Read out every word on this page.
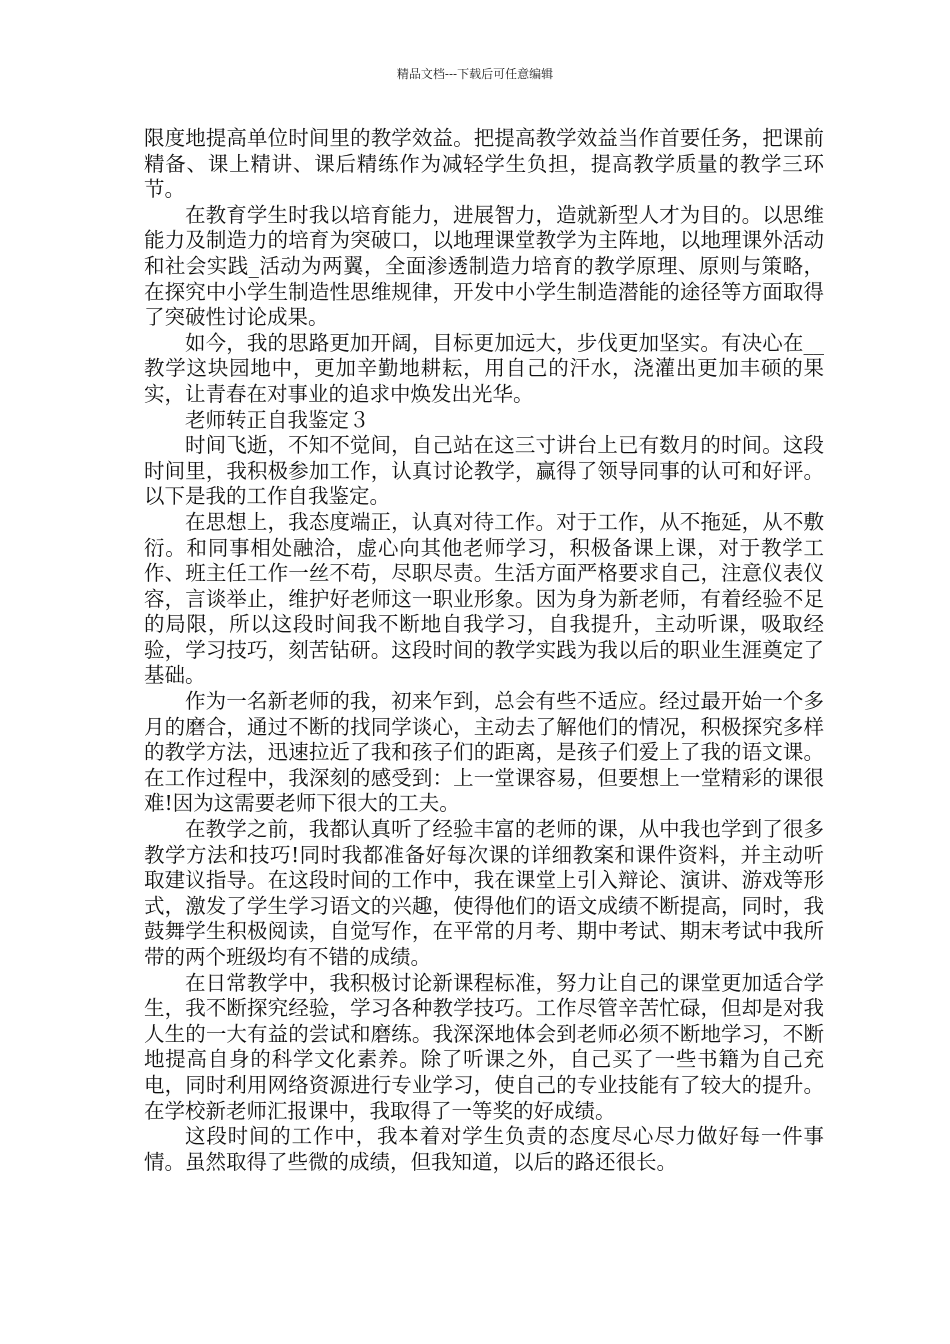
精品文档---下载后可任意编辑

限度地提高单位时间里的教学效益。把提高教学效益当作首要任务，把课前精备、课上精讲、课后精练作为减轻学生负担，提高教学质量的教学三环节。

在教育学生时我以培育能力，进展智力，造就新型人才为目的。以思维能力及制造力的培育为突破口，以地理课堂教学为主阵地，以地理课外活动和社会实践_活动为两翼，全面渗透制造力培育的教学原理、原则与策略，在探究中小学生制造性思维规律，开发中小学生制造潜能的途径等方面取得了突破性讨论成果。

如今，我的思路更加开阔，目标更加远大，步伐更加坚实。有决心在__教学这块园地中，更加辛勤地耕耘，用自己的汗水，浇灌出更加丰硕的果实，让青春在对事业的追求中焕发出光华。

老师转正自我鉴定３

时间飞逝，不知不觉间，自己站在这三寸讲台上已有数月的时间。这段时间里，我积极参加工作，认真讨论教学，赢得了领导同事的认可和好评。以下是我的工作自我鉴定。

在思想上，我态度端正，认真对待工作。对于工作，从不拖延，从不敷衍。和同事相处融洽，虚心向其他老师学习，积极备课上课，对于教学工作、班主任工作一丝不苟，尽职尽责。生活方面严格要求自己，注意仪表仪容，言谈举止，维护好老师这一职业形象。因为身为新老师，有着经验不足的局限，所以这段时间我不断地自我学习，自我提升，主动听课，吸取经验，学习技巧，刻苦钻研。这段时间的教学实践为我以后的职业生涯奠定了基础。

作为一名新老师的我，初来乍到，总会有些不适应。经过最开始一个多月的磨合，通过不断的找同学谈心，主动去了解他们的情况，积极探究多样的教学方法，迅速拉近了我和孩子们的距离，是孩子们爱上了我的语文课。在工作过程中，我深刻的感受到：上一堂课容易，但要想上一堂精彩的课很难!因为这需要老师下很大的工夫。

在教学之前，我都认真听了经验丰富的老师的课，从中我也学到了很多教学方法和技巧!同时我都准备好每次课的详细教案和课件资料，并主动听取建议指导。在这段时间的工作中，我在课堂上引入辩论、演讲、游戏等形式，激发了学生学习语文的兴趣，使得他们的语文成绩不断提高，同时，我鼓舞学生积极阅读，自觉写作，在平常的月考、期中考试、期末考试中我所带的两个班级均有不错的成绩。

在日常教学中，我积极讨论新课程标准，努力让自己的课堂更加适合学生，我不断探究经验，学习各种教学技巧。工作尽管辛苦忙碌，但却是对我人生的一大有益的尝试和磨练。我深深地体会到老师必须不断地学习，不断地提高自身的科学文化素养。除了听课之外，自己买了一些书籍为自己充电，同时利用网络资源进行专业学习，使自己的专业技能有了较大的提升。在学校新老师汇报课中，我取得了一等奖的好成绩。

这段时间的工作中，我本着对学生负责的态度尽心尽力做好每一件事情。虽然取得了些微的成绩，但我知道，以后的路还很长。
